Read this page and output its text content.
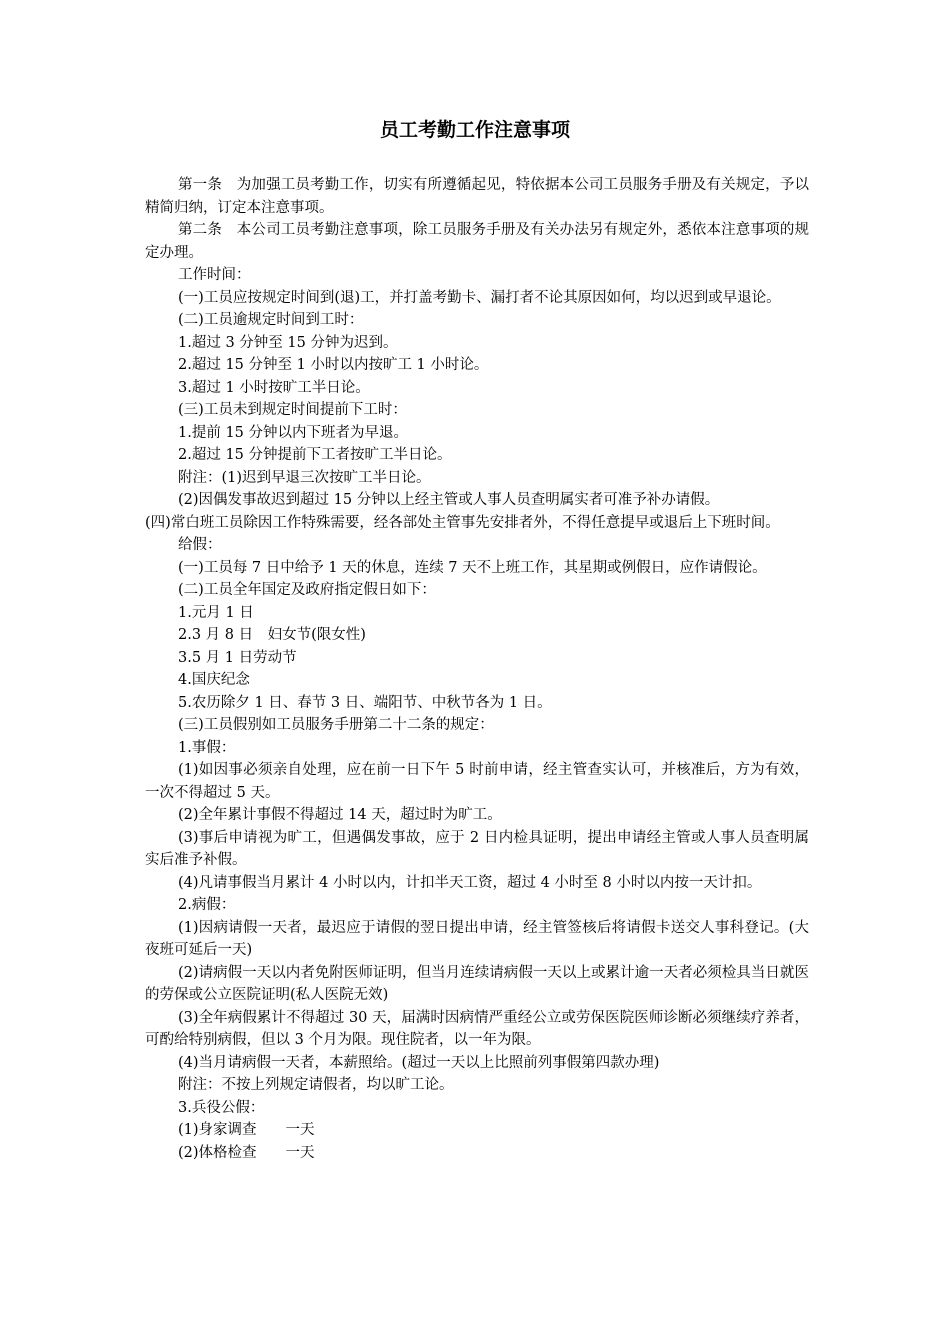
员工考勤工作注意事项

第一条　为加强工员考勤工作，切实有所遵循起见，特依据本公司工员服务手册及有关规定，予以精简归纳，订定本注意事项。

第二条　本公司工员考勤注意事项，除工员服务手册及有关办法另有规定外，悉依本注意事项的规定办理。

工作时间：

(一)工员应按规定时间到(退)工，并打盖考勤卡、漏打者不论其原因如何，均以迟到或早退论。

(二)工员逾规定时间到工时：

1.超过 3 分钟至 15 分钟为迟到。

2.超过 15 分钟至 1 小时以内按旷工 1 小时论。

3.超过 1 小时按旷工半日论。

(三)工员未到规定时间提前下工时：

1.提前 15 分钟以内下班者为早退。

2.超过 15 分钟提前下工者按旷工半日论。

附注：(1)迟到早退三次按旷工半日论。

(2)因偶发事故迟到超过 15 分钟以上经主管或人事人员查明属实者可准予补办请假。

(四)常白班工员除因工作特殊需要，经各部处主管事先安排者外，不得任意提早或退后上下班时间。

给假：

(一)工员每 7 日中给予 1 天的休息，连续 7 天不上班工作，其星期或例假日，应作请假论。

(二)工员全年国定及政府指定假日如下：

1.元月 1 日

2.3 月 8 日　妇女节(限女性)

3.5 月 1 日劳动节

4.国庆纪念

5.农历除夕 1 日、春节 3 日、端阳节、中秋节各为 1 日。

(三)工员假别如工员服务手册第二十二条的规定：

1.事假：

(1)如因事必须亲自处理，应在前一日下午 5 时前申请，经主管查实认可，并核准后，方为有效，一次不得超过 5 天。

(2)全年累计事假不得超过 14 天，超过时为旷工。

(3)事后申请视为旷工，但遇偶发事故，应于 2 日内检具证明，提出申请经主管或人事人员查明属实后准予补假。

(4)凡请事假当月累计 4 小时以内，计扣半天工资，超过 4 小时至 8 小时以内按一天计扣。

2.病假：

(1)因病请假一天者，最迟应于请假的翌日提出申请，经主管签核后将请假卡送交人事科登记。(大夜班可延后一天)

(2)请病假一天以内者免附医师证明，但当月连续请病假一天以上或累计逾一天者必须检具当日就医的劳保或公立医院证明(私人医院无效)

(3)全年病假累计不得超过 30 天，届满时因病情严重经公立或劳保医院医师诊断必须继续疗养者，可酌给特别病假，但以 3 个月为限。现住院者，以一年为限。

(4)当月请病假一天者，本薪照给。(超过一天以上比照前列事假第四款办理)

附注：不按上列规定请假者，均以旷工论。

3.兵役公假：

(1)身家调查　　一天

(2)体格检查　　一天
